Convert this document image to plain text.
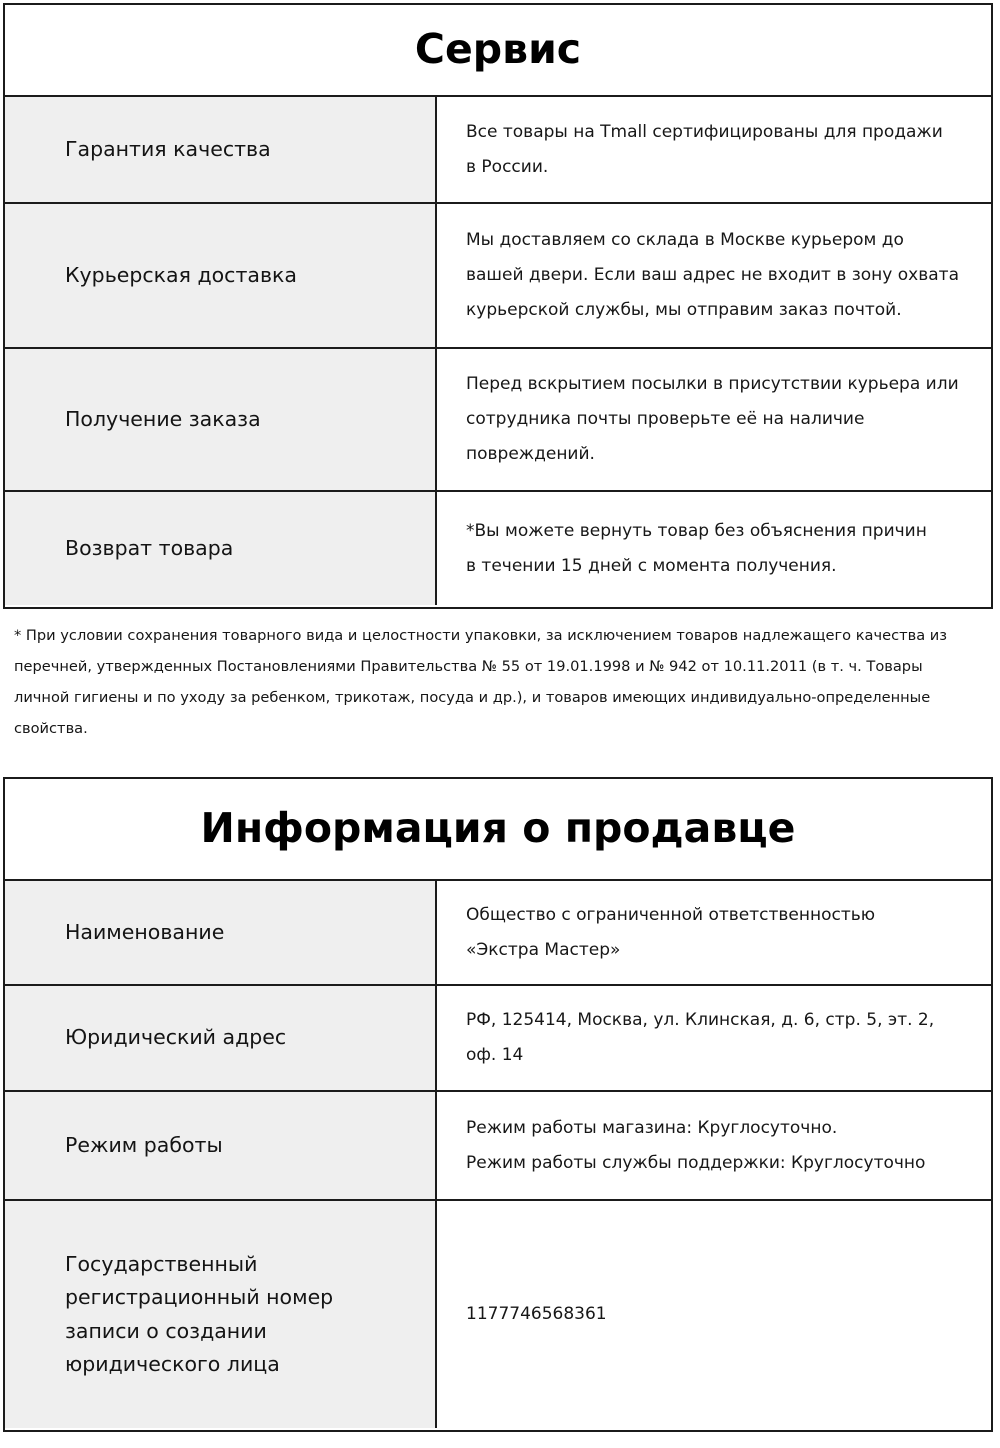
Сервис
Гарантия качества

Все товары на Tmall сертифицированы для продажи

в России.

Курьерская доставка

Мы доставляем со склада в Москве курьером до

вашей двери. Если ваш адрес не входит в зону охвата

курьерской службы, мы отправим заказ почтой.

Получение заказа

Перед вскрытием посылки в присутствии курьера или

сотрудника почты проверьте её на наличие

повреждений.

Возврат товара

*Вы можете вернуть товар без объяснения причин

в течении 15 дней с момента получения.

* При условии сохранения товарного вида и целостности упаковки, за исключением товаров надлежащего качества из

перечней, утвержденных Постановлениями Правительства № 55 от 19.01.1998 и № 942 от 10.11.2011 (в т. ч. Товары

личной гигиены и по уходу за ребенком, трикотаж, посуда и др.), и товаров имеющих индивидуально-определенные

свойства.

Информация о продавце
Наименование

Общество с ограниченной ответственностью

«Экстра Мастер»

Юридический адрес

РФ, 125414, Москва, ул. Клинская, д. 6, стр. 5, эт. 2, оф. 14

Режим работы

Режим работы магазина: Круглосуточно.

Режим работы службы поддержки: Круглосуточно

Государственный
регистрационный номер
записи о создании
юридического лица

1177746568361
